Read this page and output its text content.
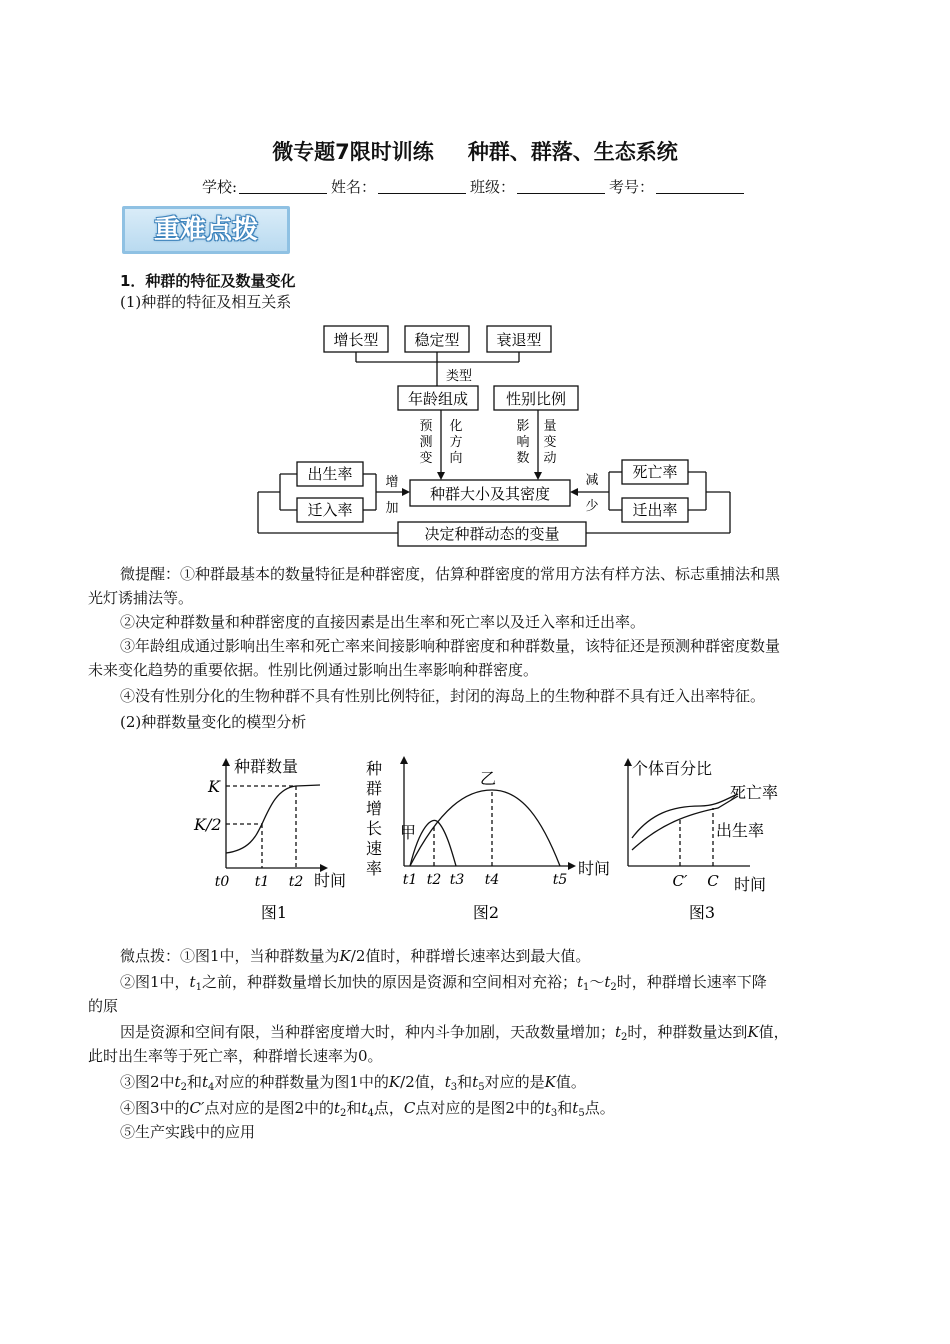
微专题7限时训练 种群、群落、生态系统
学校:	姓名：	班级：	考号：
重难点拨
1．种群的特征及数量变化
(1)种群的特征及相互关系
增长型 稳定型 衰退型
类型
年龄组成	性别比例
预
测
变
化
方
向
影
响
数
量
变
动
增
加
减
少
出生率
迁入率
种群大小及其密度
死亡率
迁出率
决定种群动态的变量
微提醒：①种群最基本的数量特征是种群密度，估算种群密度的常用方法有样方法、标志重捕法和黑
光灯诱捕法等。
②决定种群数量和种群密度的直接因素是出生率和死亡率以及迁入率和迁出率。
③年龄组成通过影响出生率和死亡率来间接影响种群密度和种群数量，该特征还是预测种群密度数量
未来变化趋势的重要依据。性别比例通过影响出生率影响种群密度。
④没有性别分化的生物种群不具有性别比例特征，封闭的海岛上的生物种群不具有迁入出率特征。
(2)种群数量变化的模型分析
种群数量
K
K/2
t0 t1 t2 时间
图1
种
群
增
长
速
率
甲
乙
t1 t2 t3 t4	t5
时间
图2
个体百分比
死亡率
出生率
C′ C 时间
图3
微点拨：①图1中，当种群数量为K/2值时，种群增长速率达到最大值。
②图1中，$t_1$之前，种群数量增长加快的原因是资源和空间相对充裕；$t_1\sim t_2$时，种群增长速率下降
的原
因是资源和空间有限，当种群密度增大时，种内斗争加剧，天敌数量增加；$t_2$时，种群数量达到K值，
此时出生率等于死亡率，种群增长速率为0。
③图2中$t_2$和$t_4$对应的种群数量为图1中的K/2值，$t_3$和$t_5$对应的是K值。
④图3中的C′点对应的是图2中的$t_2$和$t_4$点，C点对应的是图2中的$t_3$和$t_5$点。
⑤生产实践中的应用
